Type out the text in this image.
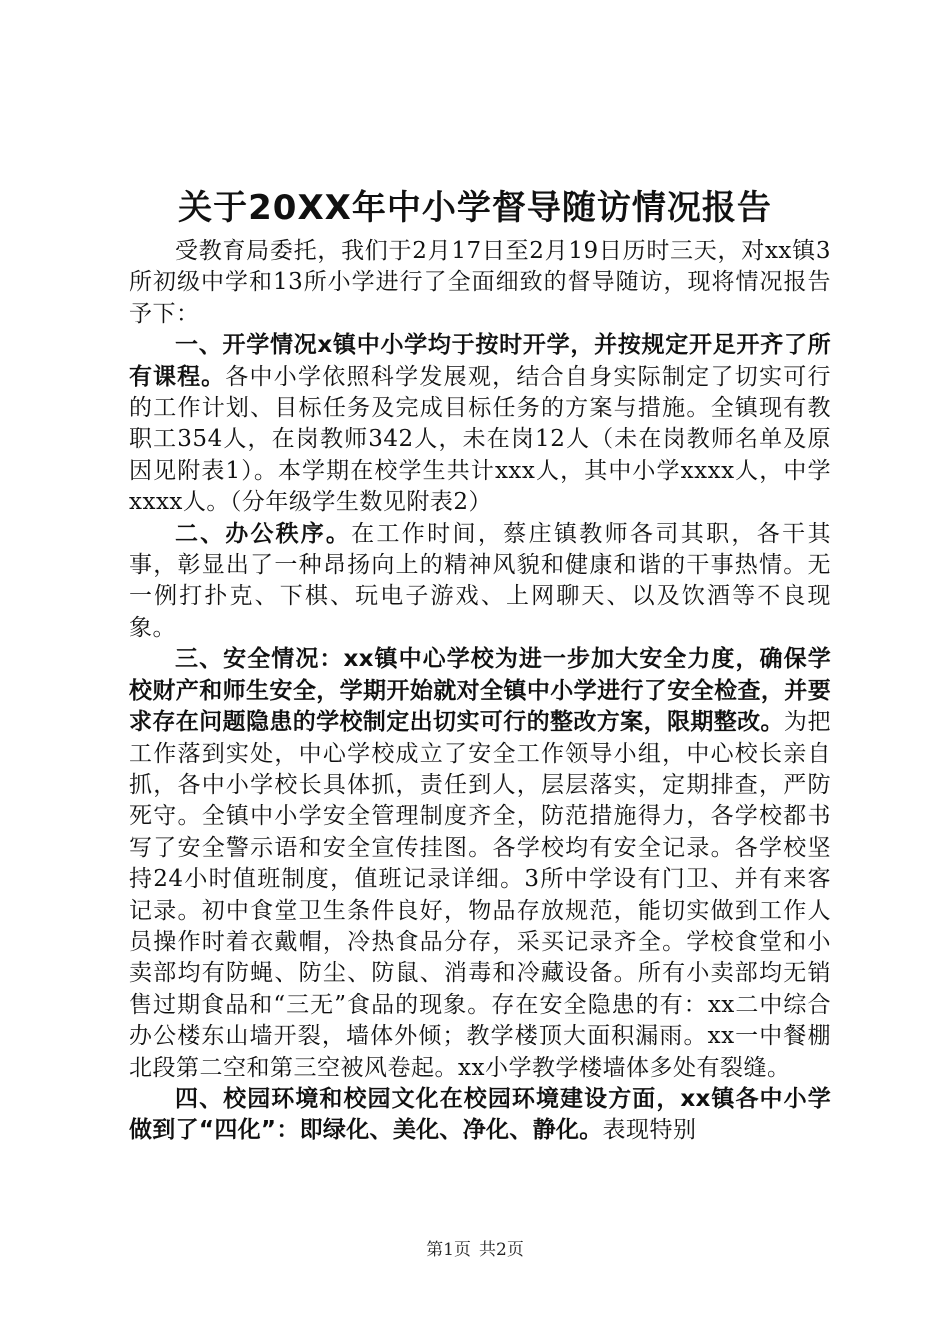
关于20XX年中小学督导随访情况报告

受教育局委托，我们于2月17日至2月19日历时三天，对xx镇3所初级中学和13所小学进行了全面细致的督导随访，现将情况报告予下：

一、开学情况x镇中小学均于按时开学，并按规定开足开齐了所有课程。各中小学依照科学发展观，结合自身实际制定了切实可行的工作计划、目标任务及完成目标任务的方案与措施。全镇现有教职工354人，在岗教师342人，未在岗12人（未在岗教师名单及原因见附表1）。本学期在校学生共计xxx人，其中小学xxxx人，中学xxxx人。（分年级学生数见附表2）

二、办公秩序。在工作时间，蔡庄镇教师各司其职，各干其事，彰显出了一种昂扬向上的精神风貌和健康和谐的干事热情。无一例打扑克、下棋、玩电子游戏、上网聊天、以及饮酒等不良现象。

三、安全情况：xx镇中心学校为进一步加大安全力度，确保学校财产和师生安全，学期开始就对全镇中小学进行了安全检查，并要求存在问题隐患的学校制定出切实可行的整改方案，限期整改。为把工作落到实处，中心学校成立了安全工作领导小组，中心校长亲自抓，各中小学校长具体抓，责任到人，层层落实，定期排查，严防死守。全镇中小学安全管理制度齐全，防范措施得力，各学校都书写了安全警示语和安全宣传挂图。各学校均有安全记录。各学校坚持24小时值班制度，值班记录详细。3所中学设有门卫、并有来客记录。初中食堂卫生条件良好，物品存放规范，能切实做到工作人员操作时着衣戴帽，冷热食品分存，采买记录齐全。学校食堂和小卖部均有防蝇、防尘、防鼠、消毒和冷藏设备。所有小卖部均无销售过期食品和“三无”食品的现象。存在安全隐患的有：xx二中综合办公楼东山墙开裂，墙体外倾；教学楼顶大面积漏雨。xx一中餐棚北段第二空和第三空被风卷起。xx小学教学楼墙体多处有裂缝。

四、校园环境和校园文化在校园环境建设方面，xx镇各中小学做到了“四化”：即绿化、美化、净化、静化。表现特别

第1页 共2页
